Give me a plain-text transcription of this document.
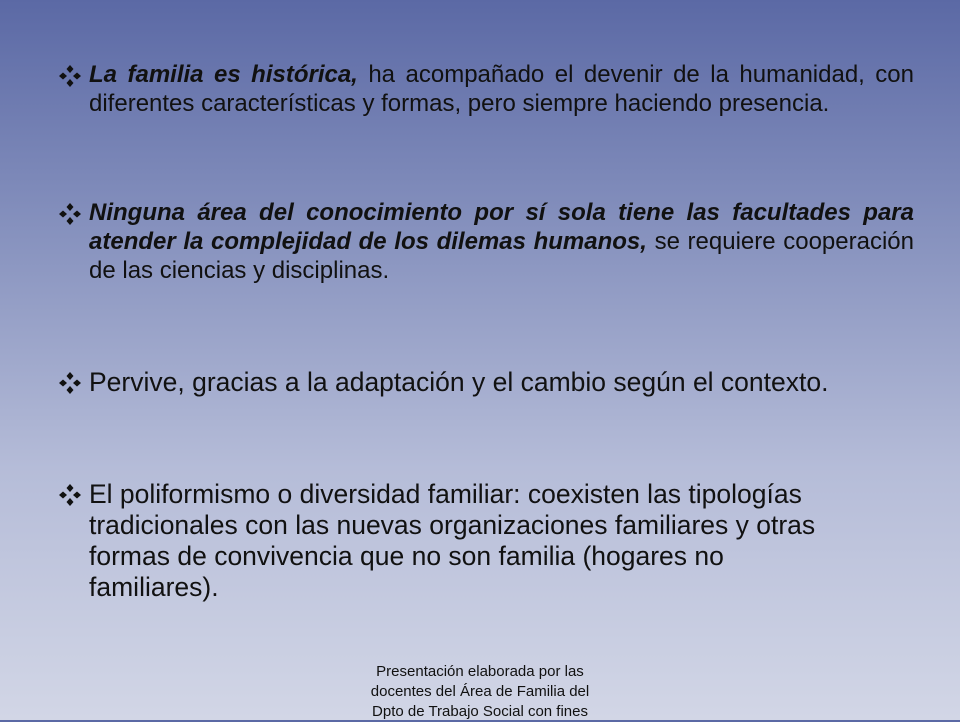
La familia es histórica, ha acompañado el devenir de la humanidad, con diferentes características y formas, pero siempre haciendo presencia.
Ninguna área del conocimiento por sí sola tiene las facultades para atender la complejidad de los dilemas humanos, se requiere cooperación de las ciencias y disciplinas.
Pervive, gracias a la adaptación y el cambio según el contexto.
El poliformismo o diversidad familiar: coexisten las tipologías tradicionales con las nuevas organizaciones familiares y otras formas de convivencia que no son familia (hogares no familiares).
Presentación elaborada por las
docentes del Área de Familia del
Dpto de Trabajo Social con fines
